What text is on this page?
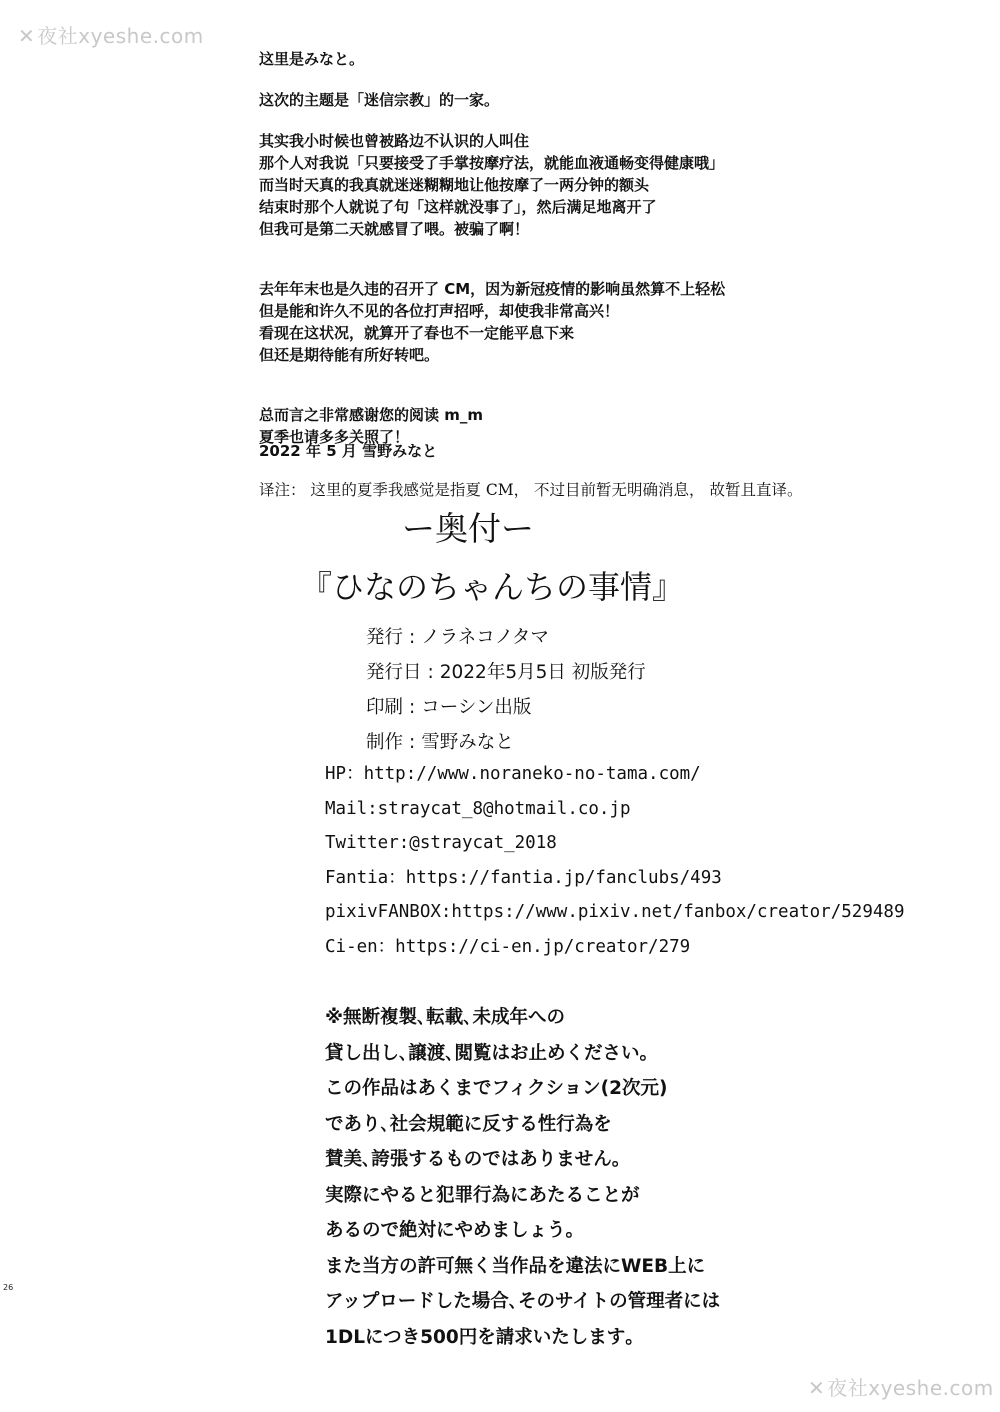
✕ 夜社xyeshe.com
这里是みなと。
这次的主题是「迷信宗教」的一家。
其实我小时候也曾被路边不认识的人叫住
那个人对我说「只要接受了手掌按摩疗法，就能血液通畅变得健康哦」
而当时天真的我真就迷迷糊糊地让他按摩了一两分钟的额头
结束时那个人就说了句「这样就没事了」，然后满足地离开了
但我可是第二天就感冒了喂。被骗了啊！
去年年末也是久违的召开了 CM，因为新冠疫情的影响虽然算不上轻松
但是能和许久不见的各位打声招呼，却使我非常高兴！
看现在这状况，就算开了春也不一定能平息下来
但还是期待能有所好转吧。
总而言之非常感谢您的阅读 m_m
夏季也请多多关照了！
2022 年 5 月 雪野みなと
译注： 这里的夏季我感觉是指夏 CM， 不过目前暂无明确消息， 故暂且直译。
ー奥付ー
『ひなのちゃんちの事情』
発行 : ノラネコノタマ
発行日 : 2022年5月5日 初版発行
印刷 : コーシン出版
制作 : 雪野みなと
HP：http://www.noraneko-no-tama.com/
Mail:straycat_8@hotmail.co.jp
Twitter:@straycat_2018
Fantia：https://fantia.jp/fanclubs/493
pixivFANBOX:https://www.pixiv.net/fanbox/creator/529489
Ci-en：https://ci-en.jp/creator/279
※無断複製､転載､未成年への
貸し出し､譲渡､閲覧はお止めください｡
この作品はあくまでフィクション(2次元)
であり､社会規範に反する性行為を
賛美､誇張するものではありません｡
実際にやると犯罪行為にあたることが
あるので絶対にやめましょう｡
また当方の許可無く当作品を違法にWEB上に
アップロードした場合､そのサイトの管理者には
1DLにつき500円を請求いたします｡
26
✕ 夜社xyeshe.com
